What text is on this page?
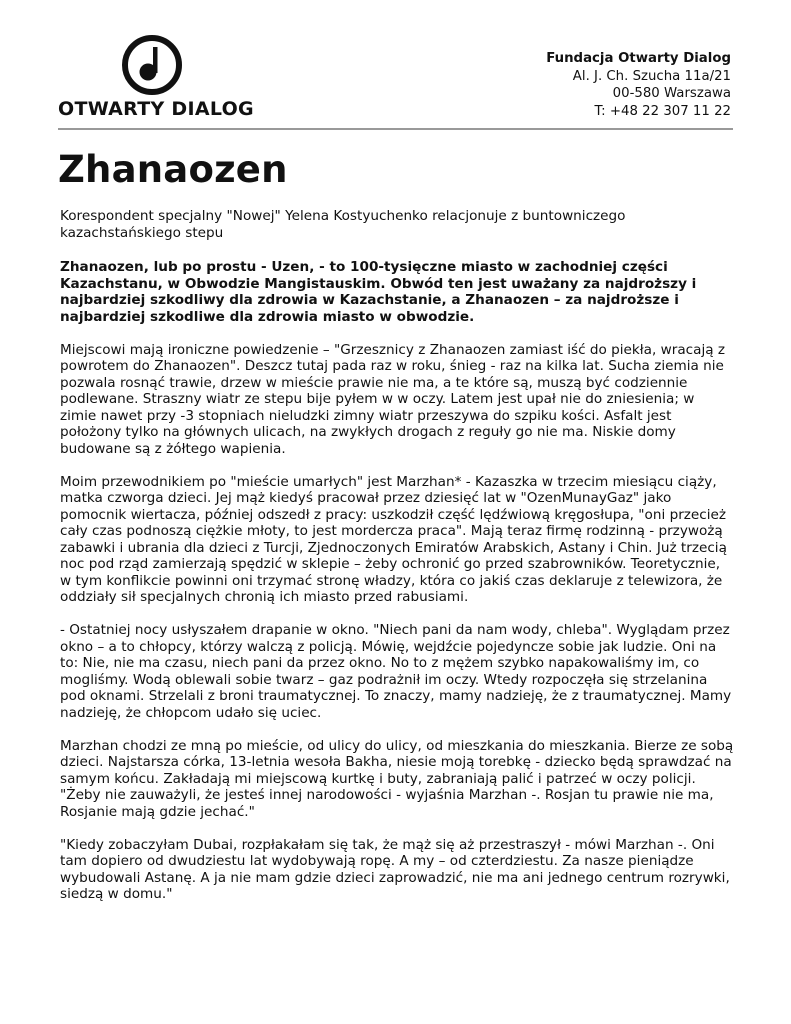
OTWARTY DIALOG
Fundacja Otwarty Dialog
Al. J. Ch. Szucha 11a/21
00-580 Warszawa
T: +48 22 307 11 22
Zhanaozen

Korespondent specjalny "Nowej" Yelena Kostyuchenko relacjonuje z buntowniczego kazachstańskiego stepu

Zhanaozen, lub po prostu - Uzen, - to 100-tysięczne miasto w zachodniej części Kazachstanu, w Obwodzie Mangistauskim. Obwód ten jest uważany za najdroższy i najbardziej szkodliwy dla zdrowia w Kazachstanie, a Zhanaozen – za najdroższe i najbardziej szkodliwe dla zdrowia miasto w obwodzie.

Miejscowi mają ironiczne powiedzenie – "Grzesznicy z Zhanaozen zamiast iść do piekła, wracają z powrotem do Zhanaozen". Deszcz tutaj pada raz w roku, śnieg - raz na kilka lat. Sucha ziemia nie pozwala rosnąć trawie, drzew w mieście prawie nie ma, a te które są, muszą być codziennie podlewane. Straszny wiatr ze stepu bije pyłem w w oczy. Latem jest upał nie do zniesienia; w zimie nawet przy -3 stopniach nieludzki zimny wiatr przeszywa do szpiku kości. Asfalt jest położony tylko na głównych ulicach, na zwykłych drogach z reguły go nie ma. Niskie domy budowane są z żółtego wapienia.

Moim przewodnikiem po "mieście umarłych" jest Marzhan* - Kazaszka w trzecim miesiącu ciąży, matka czworga dzieci. Jej mąż kiedyś pracował przez dziesięć lat w "OzenMunayGaz" jako pomocnik wiertacza, później odszedł z pracy: uszkodził część lędźwiową kręgosłupa, "oni przecież cały czas podnoszą ciężkie młoty, to jest mordercza praca". Mają teraz firmę rodzinną - przywożą zabawki i ubrania dla dzieci z Turcji, Zjednoczonych Emiratów Arabskich, Astany i Chin. Już trzecią noc pod rząd zamierzają spędzić w sklepie – żeby ochronić go przed szabrownikόw. Teoretycznie, w tym konflikcie powinni oni trzymać stronę władzy, która co jakiś czas deklaruje z telewizora, że oddziały sił specjalnych chronią ich miasto przed rabusiami.

- Ostatniej nocy usłyszałem drapanie w okno. "Niech pani da nam wody, chleba". Wyglądam przez okno – a to chłopcy, którzy walczą z policją. Mówię, wejdźcie pojedyncze sobie jak ludzie. Oni na to: Nie, nie ma czasu, niech pani da przez okno. No to z mężem szybko napakowaliśmy im, co mogliśmy. Wodą oblewali sobie twarz – gaz podrażnił im oczy. Wtedy rozpoczęła się strzelanina pod oknami. Strzelali z broni traumatycznej. To znaczy, mamy nadzieję, że z traumatycznej. Mamy nadzieję, że chłopcom udało się uciec.

Marzhan chodzi ze mną po mieście, od ulicy do ulicy, od mieszkania do mieszkania. Bierze ze sobą dzieci. Najstarsza córka, 13-letnia wesoła Bakha, niesie moją torebkę - dziecko będą sprawdzać na samym końcu. Zakładają mi miejscową kurtkę i buty, zabraniają palić i patrzeć w oczy policji. "Żeby nie zauważyli, że jesteś innej narodowości - wyjaśnia Marzhan -. Rosjan tu prawie nie ma, Rosjanie mają gdzie jechać."

"Kiedy zobaczyłam Dubai, rozpłakałam się tak, że mąż się aż przestraszył - mówi Marzhan -. Oni tam dopiero od dwudziestu lat wydobywają ropę. A my – od czterdziestu. Za nasze pieniądze wybudowali Astanę. A ja nie mam gdzie dzieci zaprowadzić, nie ma ani jednego centrum rozrywki, siedzą w domu."
